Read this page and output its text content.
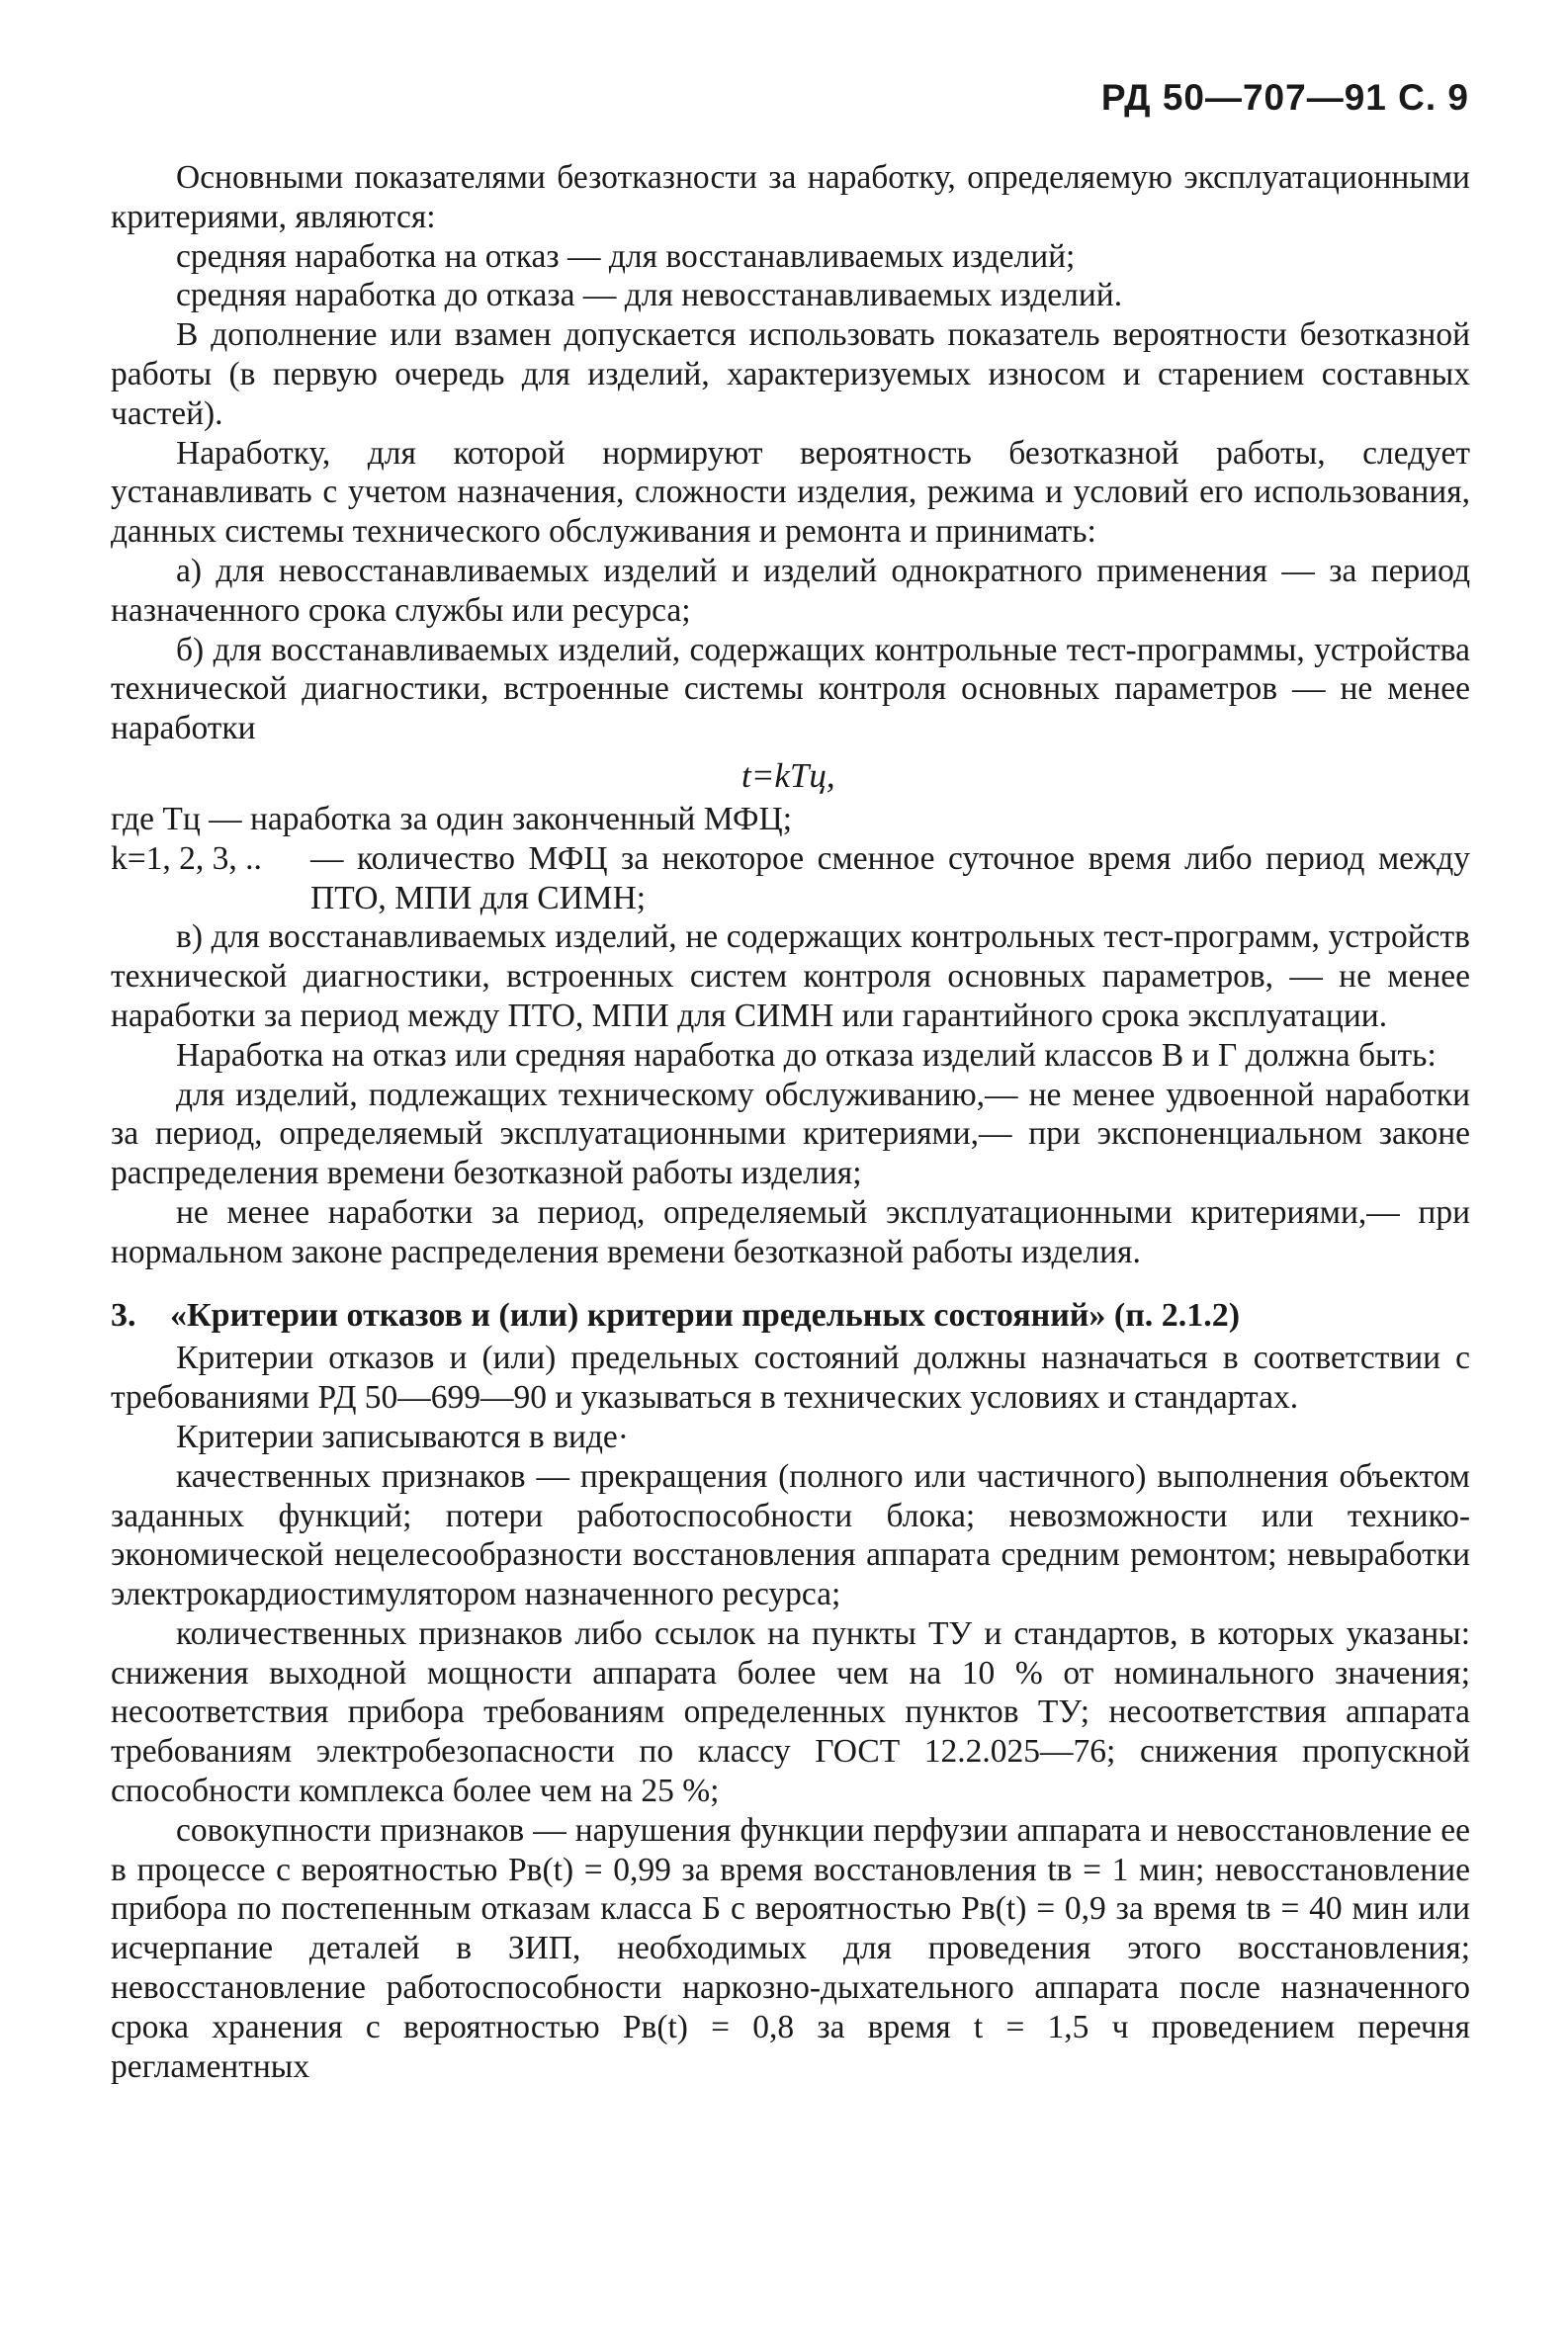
РД 50—707—91 С. 9

Основными показателями безотказности за наработку, определяемую эксплуатационными критериями, являются:

средняя наработка на отказ — для восстанавливаемых изделий;

средняя наработка до отказа — для невосстанавливаемых изделий.

В дополнение или взамен допускается использовать показатель вероятности безотказной работы (в первую очередь для изделий, характеризуемых износом и старением составных частей).

Наработку, для которой нормируют вероятность безотказной работы, следует устанавливать с учетом назначения, сложности изделия, режима и условий его использования, данных системы технического обслуживания и ремонта и принимать:

а) для невосстанавливаемых изделий и изделий однократного применения — за период назначенного срока службы или ресурса;

б) для восстанавливаемых изделий, содержащих контрольные тест-программы, устройства технической диагностики, встроенные системы контроля основных параметров — не менее наработки

t=kTц,

где Tц — наработка за один законченный МФЦ;

k=1, 2, 3, .. — количество МФЦ за некоторое сменное суточное время либо период между ПТО, МПИ для СИМН;

в) для восстанавливаемых изделий, не содержащих контрольных тест-программ, устройств технической диагностики, встроенных систем контроля основных параметров, — не менее наработки за период между ПТО, МПИ для СИМН или гарантийного срока эксплуатации.

Наработка на отказ или средняя наработка до отказа изделий классов В и Г должна быть:

для изделий, подлежащих техническому обслуживанию,— не менее удвоенной наработки за период, определяемый эксплуатационными критериями,— при экспоненциальном законе распределения времени безотказной работы изделия;

не менее наработки за период, определяемый эксплуатационными критериями,— при нормальном законе распределения времени безотказной работы изделия.

3. «Критерии отказов и (или) критерии предельных состояний» (п. 2.1.2)

Критерии отказов и (или) предельных состояний должны назначаться в соответствии с требованиями РД 50—699—90 и указываться в технических условиях и стандартах.

Критерии записываются в виде·

качественных признаков — прекращения (полного или частичного) выполнения объектом заданных функций; потери работоспособности блока; невозможности или технико-экономической нецелесообразности восстановления аппарата средним ремонтом; невыработки электрокардиостимулятором назначенного ресурса;

количественных признаков либо ссылок на пункты ТУ и стандартов, в которых указаны: снижения выходной мощности аппарата более чем на 10 % от номинального значения; несоответствия прибора требованиям определенных пунктов ТУ; несоответствия аппарата требованиям электробезопасности по классу ГОСТ 12.2.025—76; снижения пропускной способности комплекса более чем на 25 %;

совокупности признаков — нарушения функции перфузии аппарата и невосстановление ее в процессе с вероятностью Pв(t) = 0,99 за время восстановления tв = 1 мин; невосстановление прибора по постепенным отказам класса Б с вероятностью Pв(t) = 0,9 за время tв = 40 мин или исчерпание деталей в ЗИП, необходимых для проведения этого восстановления; невосстановление работоспособности наркозно-дыхательного аппарата после назначенного срока хранения с вероятностью Pв(t) = 0,8 за время t = 1,5 ч проведением перечня регламентных
